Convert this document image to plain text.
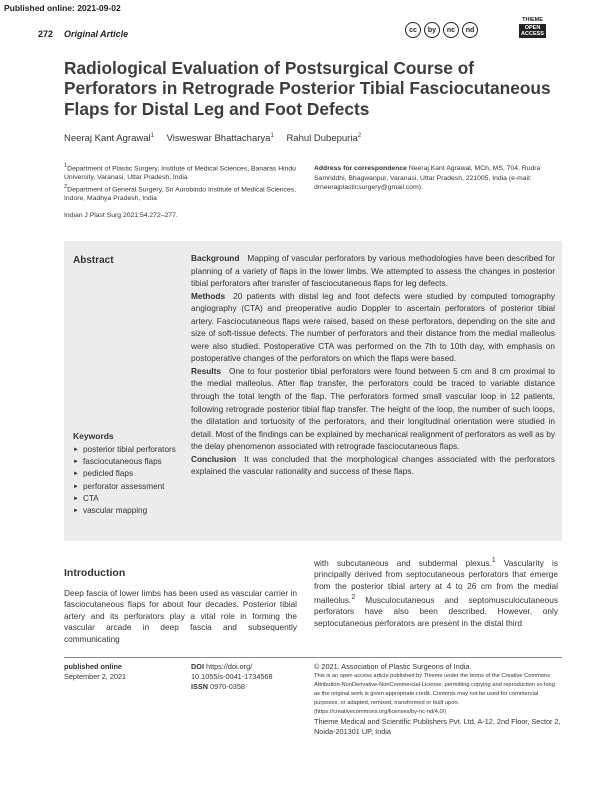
Published online: 2021-09-02
272 Original Article	cc	by	nc	nd
THIEME
OPEN
ACCESS
Radiological Evaluation of Postsurgical Course of Perforators in Retrograde Posterior Tibial Fasciocutaneous Flaps for Distal Leg and Foot Defects
Neeraj Kant Agrawal$^1$ Visweswar Bhattacharya$^1$ Rahul Dubepuria$^2$

$^1$Department of Plastic Surgery, Institute of Medical Sciences, Banaras Hindu University, Varanasi, Uttar Pradesh, India

$^2$Department of General Surgery, Sri Aurobindo Institute of Medical Sciences, Indore, Madhya Pradesh, India

Address for correspondence Neeraj Kant Agrawal, MCh, MS, 704, Rudra Samriddhi, Bhagwanpur, Varanasi, Uttar Pradesh, 221005, India (e-mail: drneerajplasticsurgery@gmail.com).
Indian J Plast Surg 2021;54:272–277.
Abstract
Keywords
► posterior tibial perforators
► fasciocutaneous flaps
► pedicled flaps
► perforator assessment
► CTA
► vascular mapping

Background Mapping of vascular perforators by various methodologies have been described for planning of a variety of flaps in the lower limbs. We attempted to assess the changes in posterior tibial perforators after transfer of fasciocutaneous flaps for leg defects.

Methods 20 patients with distal leg and foot defects were studied by computed tomography angiography (CTA) and preoperative audio Doppler to ascertain perforators of posterior tibial artery. Fasciocutaneous flaps were raised, based on these perforators, depending on the site and size of soft-tissue defects. The number of perforators and their distance from the medial malleolus were also studied. Postoperative CTA was performed on the 7th to 10th day, with emphasis on postoperative changes of the perforators on which the flaps were based.

Results One to four posterior tibial perforators were found between 5 cm and 8 cm proximal to the medial malleolus. After flap transfer, the perforators could be traced to variable distance through the total length of the flap. The perforators formed small vascular loop in 12 patients, following retrograde posterior tibial flap transfer. The height of the loop, the number of such loops, the dilatation and tortuosity of the perforators, and their longitudinal orientation were studied in detail. Most of the findings can be explained by mechanical realignment of perforators as well as by the delay phenomenon associated with retrograde fasciocutaneous flaps.

Conclusion It was concluded that the morphological changes associated with the perforators explained the vascular rationality and success of these flaps.

Introduction

Deep fascia of lower limbs has been used as vascular carrier in fasciocutaneous flaps for about four decades. Posterior tibial artery and its perforators play a vital role in forming the vascular arcade in deep fascia and subsequently communicating

with subcutaneous and subdermal plexus.$^1$ Vascularity is principally derived from septocutaneous perforators that emerge from the posterior tibial artery at 4 to 26 cm from the medial malleolus.$^2$ Musculocutaneous and septomusculocutaneous perforators have also been described. However, only septocutaneous perforators are present in the distal third

published online
September 2, 2021
DOI https://doi.org/
10.1055/s-0041-1734568
ISSN 0970-0358
© 2021. Association of Plastic Surgeons of India.
This is an open access article published by Thieme under the terms of the Creative Commons Attribution-NonDerivative-NonCommercial-License, permitting copying and reproduction so long as the original work is given appropriate credit. Contents may not be used for commercial purposes, or adapted, remixed, transformed or built upon. (https://creativecommons.org/licenses/by-nc-nd/4.0/)
Thieme Medical and Scientific Publishers Pvt. Ltd. A-12, 2nd Floor, Sector 2, Noida-201301 UP, India
